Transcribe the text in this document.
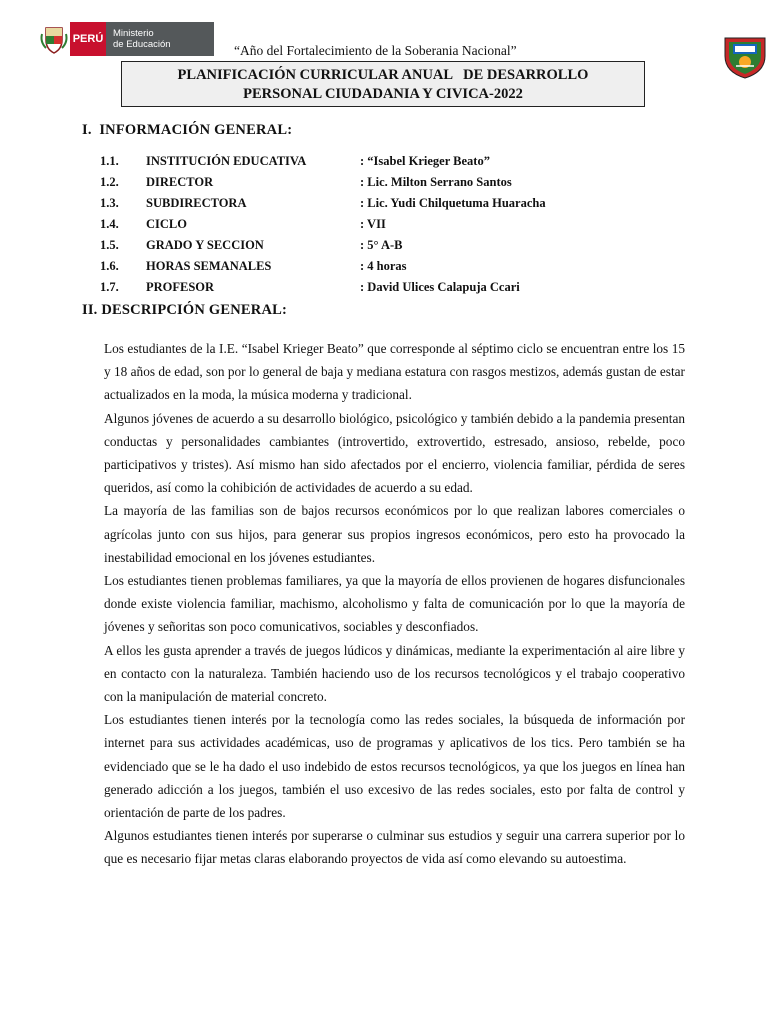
PERÚ Ministerio
de Educación	“Año del Fortalecimiento de la Soberania Nacional”
PLANIFICACIÓN CURRICULAR ANUAL   DE DESARROLLO
PERSONAL CIUDADANIA Y CIVICA-2022
I.  INFORMACIÓN GENERAL:
1.1. INSTITUCIÓN EDUCATIVA	: “Isabel Krieger Beato”
1.2. DIRECTOR	: Lic. Milton Serrano Santos
1.3. SUBDIRECTORA	: Lic. Yudi Chilquetuma Huaracha
1.4. CICLO	: VII
1.5. GRADO Y SECCION	: 5° A-B
1.6. HORAS SEMANALES	: 4 horas
1.7. PROFESOR	: David Ulices Calapuja Ccari
II. DESCRIPCIÓN GENERAL:

Los estudiantes de la I.E. “Isabel Krieger Beato” que corresponde al séptimo ciclo se encuentran entre los 15 y 18 años de edad, son por lo general de baja y mediana estatura con rasgos mestizos, además gustan de estar actualizados en la moda, la música moderna y tradicional.

Algunos jóvenes de acuerdo a su desarrollo biológico, psicológico y también debido a la pandemia presentan conductas y personalidades cambiantes (introvertido, extrovertido, estresado, ansioso, rebelde, poco participativos y tristes). Así mismo han sido afectados por el encierro, violencia familiar, pérdida de seres queridos, así como la cohibición de actividades de acuerdo a su edad.

La mayoría de las familias son de bajos recursos económicos por lo que realizan labores comerciales o agrícolas junto con sus hijos, para generar sus propios ingresos económicos, pero esto ha provocado la inestabilidad emocional en los jóvenes estudiantes.

Los estudiantes tienen problemas familiares, ya que la mayoría de ellos provienen de hogares disfuncionales donde existe violencia familiar, machismo, alcoholismo y falta de comunicación por lo que la mayoría de jóvenes y señoritas son poco comunicativos, sociables y desconfiados.

A ellos les gusta aprender a través de juegos lúdicos y dinámicas, mediante la experimentación al aire libre y en contacto con la naturaleza. También haciendo uso de los recursos tecnológicos y el trabajo cooperativo con la manipulación de material concreto.

Los estudiantes tienen interés por la tecnología como las redes sociales, la búsqueda de información por internet para sus actividades académicas, uso de programas y aplicativos de los tics. Pero también se ha evidenciado que se le ha dado el uso indebido de estos recursos tecnológicos, ya que los juegos en línea han generado adicción a los juegos, también el uso excesivo de las redes sociales, esto por falta de control y orientación de parte de los padres.

Algunos estudiantes tienen interés por superarse o culminar sus estudios y seguir una carrera superior por lo que es necesario fijar metas claras elaborando proyectos de vida así como elevando su autoestima.
